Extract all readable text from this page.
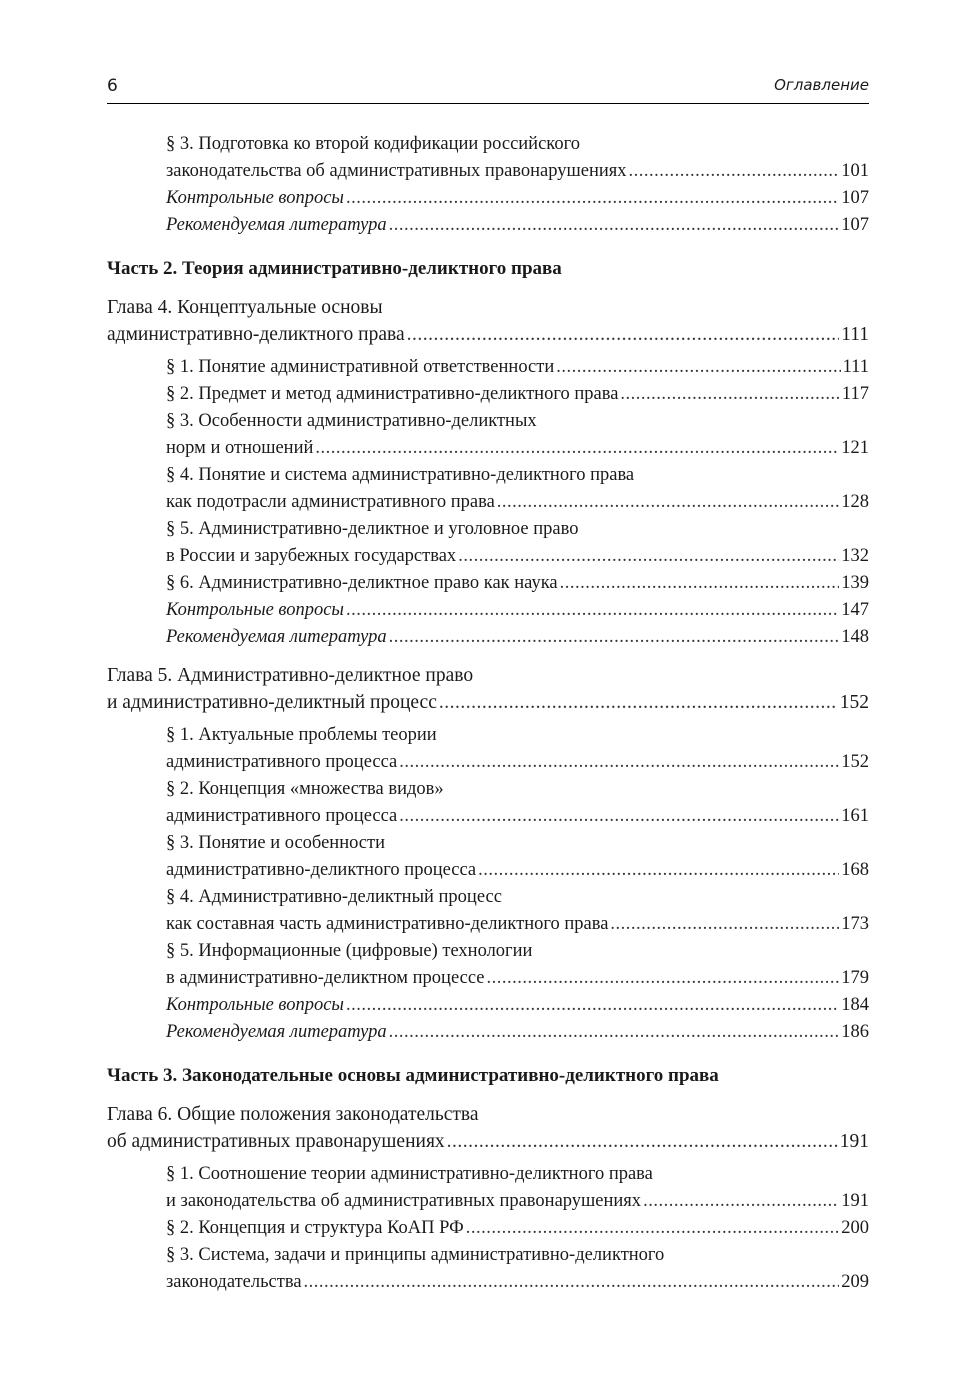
6	Оглавление
§ 3. Подготовка ко второй кодификации российского
законодательства об административных правонарушениях .....	101
Контрольные вопросы .....	107
Рекомендуемая литература .....	107
Часть 2. Теория административно-деликтного права
Глава 4. Концептуальные основы
административно-деликтного права .....	111
§ 1. Понятие административной ответственности .....	111
§ 2. Предмет и метод административно-деликтного права .....	117
§ 3. Особенности административно-деликтных
норм и отношений .....	121
§ 4. Понятие и система административно-деликтного права
как подотрасли административного права .....	128
§ 5. Административно-деликтное и уголовное право
в России и зарубежных государствах .....	132
§ 6. Административно-деликтное право как наука .....	139
Контрольные вопросы .....	147
Рекомендуемая литература .....	148
Глава 5. Административно-деликтное право
и административно-деликтный процесс .....	152
§ 1. Актуальные проблемы теории
административного процесса .....	152
§ 2. Концепция «множества видов»
административного процесса .....	161
§ 3. Понятие и особенности
административно-деликтного процесса .....	168
§ 4. Административно-деликтный процесс
как составная часть административно-деликтного права .....	173
§ 5. Информационные (цифровые) технологии
в административно-деликтном процессе .....	179
Контрольные вопросы .....	184
Рекомендуемая литература .....	186
Часть 3. Законодательные основы административно-деликтного права
Глава 6. Общие положения законодательства
об административных правонарушениях .....	191
§ 1. Соотношение теории административно-деликтного права
и законодательства об административных правонарушениях .....	191
§ 2. Концепция и структура КоАП РФ .....	200
§ 3. Система, задачи и принципы административно-деликтного
законодательства .....	209
